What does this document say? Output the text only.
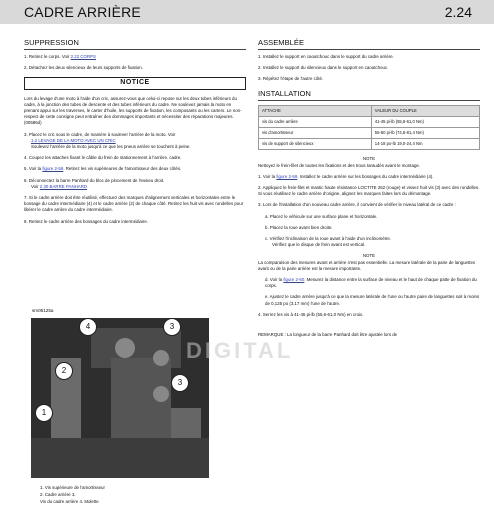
CADRE ARRIÈRE	2.24
SUPPRESSION

1. Retirez le corps. Voir 2.22 CORPS

2. Détachez les deux silencieux de leurs supports de fixation.

NOTICE

Lors du levage d'une moto à l'aide d'un cric, assurez-vous que celui-ci repose sur les deux tubes inférieurs du cadre, à la jonction des tubes de descente et des tubes inférieurs du cadre. Ne soulevez jamais la moto en prenant appui sur les traverses, le carter d'huile, les supports de fixation, les composants ou les carters. Le non-respect de cette consigne peut entraîner des dommages importants et nécessiter des réparations majeures. (00586d)

3. Placez le cric sous le cadre, de manière à soulever l'arrière de la moto. Voir
1.2 LEVAGE DE LA MOTO AVEC UN CRIC
Soulevez l'arrière de la moto jusqu'à ce que les pneus arrière se touchent à peine.

4. Coupez les attaches fixant le câble du frein de stationnement à l'arrière. cadre.

5. Voir la figure 2-59. Retirez les vis supérieures de l'amortisseur des deux côtés.

6. Déconnectez la barre Panhard du bloc de pincement de l'essieu droit.
Voir 2.30 BARRE PANHARD

7. Si le cadre arrière doit être réutilisé, effectuez des marques d'alignement verticales et horizontales entre le bossage du cadre intermédiaire (4) et le cadre arrière (2) de chaque côté. Retirez les huit vis avec rondelles pour libérer le cadre arrière du cadre intermédiaire.

8. Retirez le cadre arrière des bossages du cadre intermédiaire.

1
2
3
4
3
sm06125a
DIGITAL
1. Vis supérieure de l'amortisseur
2. Cadre arrière 3.
Vis du cadre arrière 4. Molette
ASSEMBLÉE

1. Installez le support en caoutchouc dans le support du cadre arrière.

2. Installez le support du silencieux dans le support en caoutchouc.

3. Répétez l'étape de l'autre côté.

INSTALLATION
ATTACHE	VALEUR DU COUPLE
vis du cadre arrière	41-45 pi-lb (55,6-61,0 Nm)
vis d'amortisseur	55-60 pi-lb (74,6-81,4 Nm)
vis de support de silencieux	14-18 po-lb 19,0-24,4 Nm
NOTE

Nettoyez le frein-filet de toutes les fixations et des trous taraudés avant le montage.

1. Voir la figure 2-59. Installez le cadre arrière sur les bossages du cadre intermédiaire (4).

2. Appliquez le frein-filet et mastic haute résistance LOCTITE 262 (rouge) et vissez huit vis (3) avec des rondelles. Si vous réutilisez le cadre arrière d'origine, alignez les marques faites lors du démontage.

3. Lors de l'installation d'un nouveau cadre arrière, il convient de vérifier le niveau latéral de ce cadre :

a. Placez le véhicule sur une surface plane et horizontale.

b. Placez la roue avant bien droite.

c. Vérifiez l'inclinaison de la roue avant à l'aide d'un inclinomètre.
Vérifiez que le disque de frein avant est vertical.

NOTE

La comparaison des mesures avant et arrière n'est pas essentielle. La mesure latérale de la paire de languettes avant ou de la paire arrière est la mesure importante.

d. Voir la figure 2-60. Mesurez la distance entre la surface de niveau et le haut de chaque patte de fixation du corps.

e. Ajustez le cadre arrière jusqu'à ce que la mesure latérale de l'une ou l'autre paire de languettes soit à moins de 0,125 po (3,17 mm) l'une de l'autre.

4. Serrez les vis à 41-45 pi-lb (55,6-61,0 Nm) en croix.

REMARQUE : La longueur de la barre Panhard doit être ajustée lors de
